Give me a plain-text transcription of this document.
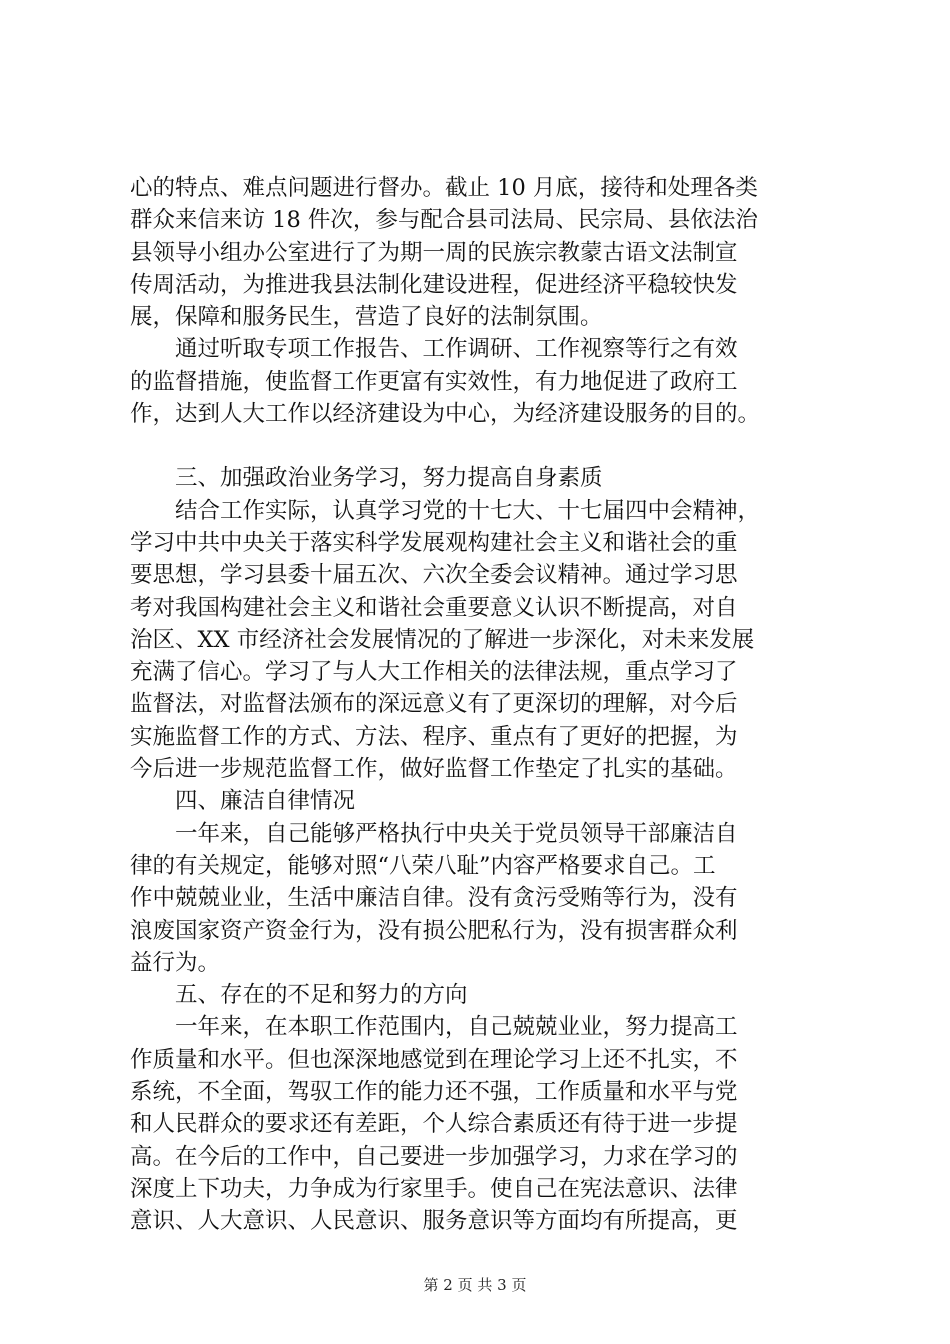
心的特点、难点问题进行督办。截止 10 月底，接待和处理各类
群众来信来访 18 件次，参与配合县司法局、民宗局、县依法治
县领导小组办公室进行了为期一周的民族宗教蒙古语文法制宣
传周活动，为推进我县法制化建设进程，促进经济平稳较快发
展，保障和服务民生，营造了良好的法制氛围。
通过听取专项工作报告、工作调研、工作视察等行之有效
的监督措施，使监督工作更富有实效性，有力地促进了政府工
作，达到人大工作以经济建设为中心，为经济建设服务的目的。
三、加强政治业务学习，努力提高自身素质
结合工作实际，认真学习党的十七大、十七届四中会精神，
学习中共中央关于落实科学发展观构建社会主义和谐社会的重
要思想，学习县委十届五次、六次全委会议精神。通过学习思
考对我国构建社会主义和谐社会重要意义认识不断提高，对自
治区、XX 市经济社会发展情况的了解进一步深化，对未来发展
充满了信心。学习了与人大工作相关的法律法规，重点学习了
监督法，对监督法颁布的深远意义有了更深切的理解，对今后
实施监督工作的方式、方法、程序、重点有了更好的把握，为
今后进一步规范监督工作，做好监督工作垫定了扎实的基础。
四、廉洁自律情况
一年来，自己能够严格执行中央关于党员领导干部廉洁自
律的有关规定，能够对照“八荣八耻”内容严格要求自己。工
作中兢兢业业，生活中廉洁自律。没有贪污受贿等行为，没有
浪废国家资产资金行为，没有损公肥私行为，没有损害群众利
益行为。
五、存在的不足和努力的方向
一年来，在本职工作范围内，自己兢兢业业，努力提高工
作质量和水平。但也深深地感觉到在理论学习上还不扎实，不
系统，不全面，驾驭工作的能力还不强，工作质量和水平与党
和人民群众的要求还有差距，个人综合素质还有待于进一步提
高。在今后的工作中，自己要进一步加强学习，力求在学习的
深度上下功夫，力争成为行家里手。使自己在宪法意识、法律
意识、人大意识、人民意识、服务意识等方面均有所提高，更
第 2 页 共 3 页
